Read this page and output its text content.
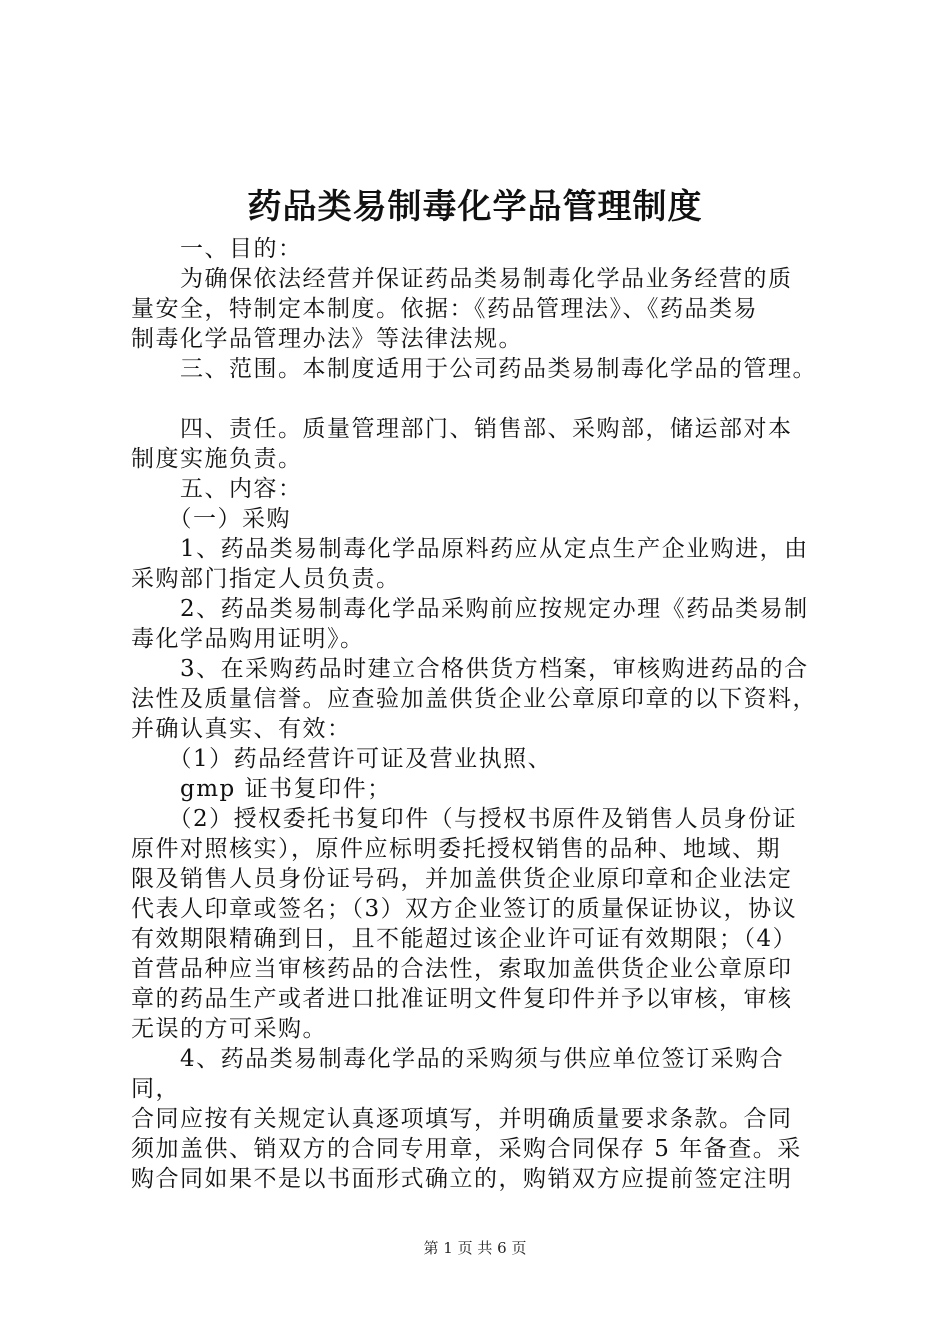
药品类易制毒化学品管理制度

　　一、目的：

　　为确保依法经营并保证药品类易制毒化学品业务经营的质
量安全，特制定本制度。依据：《药品管理法》、《药品类易
制毒化学品管理办法》等法律法规。

　　三、范围。本制度适用于公司药品类易制毒化学品的管理。

　　四、责任。质量管理部门、销售部、采购部，储运部对本
制度实施负责。

　　五、内容：

　　（一）采购

　　1、药品类易制毒化学品原料药应从定点生产企业购进，由
采购部门指定人员负责。

　　2、药品类易制毒化学品采购前应按规定办理《药品类易制
毒化学品购用证明》。

　　3、在采购药品时建立合格供货方档案，审核购进药品的合
法性及质量信誉。应查验加盖供货企业公章原印章的以下资料，
并确认真实、有效：

　　（1）药品经营许可证及营业执照、

　　gmp 证书复印件；

　　（2）授权委托书复印件（与授权书原件及销售人员身份证
原件对照核实），原件应标明委托授权销售的品种、地域、期
限及销售人员身份证号码，并加盖供货企业原印章和企业法定
代表人印章或签名；（3）双方企业签订的质量保证协议，协议
有效期限精确到日，且不能超过该企业许可证有效期限；（4）
首营品种应当审核药品的合法性，索取加盖供货企业公章原印
章的药品生产或者进口批准证明文件复印件并予以审核，审核
无误的方可采购。

　　4、药品类易制毒化学品的采购须与供应单位签订采购合同，
合同应按有关规定认真逐项填写，并明确质量要求条款。合同
须加盖供、销双方的合同专用章，采购合同保存 5 年备查。采
购合同如果不是以书面形式确立的，购销双方应提前签定注明

第 1 页 共 6 页
